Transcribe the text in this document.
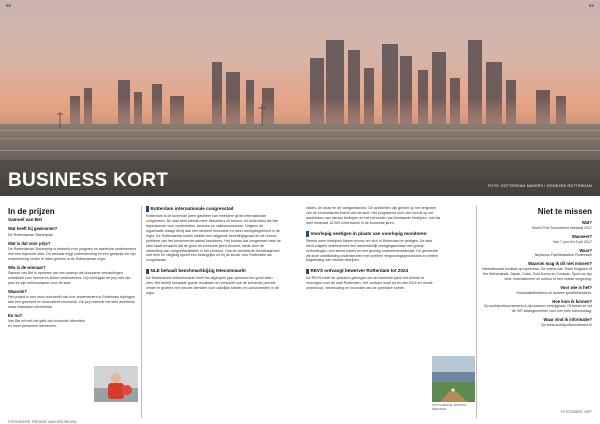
BUSINESS KORT	FOTO: ROTTERDAM MAKERS / GEWEZEN ROTTERDAM
60	61
In de prijzen
Samuel van Bel
Wat heeft hij gewonnen?

De Rotterdamse Starterprijs.

Wat is dat voor prijs?

De Rotterdamse Starterprijs is bedoeld voor jongeren en startende ondernemers met een bijzonder idee. De winnaar krijgt ondersteuning en een geldprijs om zijn onderneming verder te laten groeien in de Rotterdamse regio.

Wie is de winnaar?

Samuel van Bel is oprichter van een startup dat duurzame verpakkingen ontwikkelt voor horeca en kleine ondernemers. Hij overtuigde de jury met zijn plan en zijn enthousiasme voor de stad.

Waarom?

Het project is een mooi voorbeeld van hoe ondernemers in Rotterdam bijdragen aan een groenere en innovatieve economie. De jury noemde het idee ambitieus maar realistisch uitvoerbaar.

En nu?

Van Bel wil met het geld zijn productie uitbreiden en meer personeel aannemen.

FOTOGRAFIE: FREDDIE VAN DEN HEUVEL
Rotterdam internationale congresstad

Rotterdam is de komende jaren gastheer van meerdere grote internationale congressen. De stad trekt steeds meer bezoekers uit binnen- en buitenland die hier bijeenkomen voor conferenties, beurzen en vakevenementen. Volgens de organisatie draagt dit bij aan een sterkere economie en meer werkgelegenheid in de regio. De Rotterdamse hotels melden een stijgende bezettingsgraad en de horeca profiteert van het toenemende aantal bezoekers. Het bureau dat congressen naar de stad haalt verwacht dat de groei de komende jaren doorzet, mede door de uitbreiding van congresfaciliteiten in het centrum. Ook de verbeterde bereikbaarheid met trein en vliegtuig speelt een belangrijke rol bij de keuze voor Rotterdam als congresstad.

NLE behaalt benchmarkbijzig telecommarkt

De Nederlandse telecommarkt heeft het afgelopen jaar opnieuw een groei laten zien. Het bedrijf behaalde goede resultaten en verwacht ook de komende periode verder te groeien met nieuwe diensten voor zakelijke klanten en consumenten in de regio.

zaken, de bouw en de vastgoedsector. De activiteiten zijn gericht op het vergroten van de economische kracht van de stad. Het programma richt zich vooral op het aantrekken van nieuwe bedrijven en het behouden van bestaande bedrijven, met als doel minimaal 15.000 extra banen in de komende jaren.

Voorlopig vestigen in plaats van voorlopig monitoren

Steeds meer bedrijven kiezen ervoor om zich in Rotterdam te vestigen. De stad biedt volgens ondernemers een aantrekkelijk vestigingsklimaat met goede verbindingen, een sterke haven en een gunstig ondernemersklimaat. De gemeente wil deze ontwikkeling ondersteunen met snellere vergunningsprocedures en betere begeleiding van nieuwe bedrijven.

REVS ontvangt bewerver Rotterdam tot 2024

De REVS heeft de opdracht gekregen om de komende jaren het beheer te verzorgen voor de stad Rotterdam. Het contract loopt tot en met 2024 en omvat onderhoud, vernieuwing en innovatie van de openbare ruimte.

FOTOGRAFIE: PATRICK MEINSEN
Niet te missen
Wat?
World Port Tournament Honkbal 2017
Wanneer?
Van 7 juni t/m 9 juli 2017
Waar?
Neptunus Familiestadion Rotterdam
Waarom mag ik dit niet missen?
Internationaal honkbal op topniveau. De teams van Team Kingdom of the Netherlands, Japan, Cuba, Zuid-Korea en Curaçao. Sport op zijn best, entertainment en cultuur in een unieke omgeving.
Voor wie is het?
Honkballiefhebbers en andere sportliefhebbers.
Hoe kom ik binnen?
Op worldporttournament.nl zijn kaarten verkrijgbaar. Of bestel ze via de VIP-arrangementen voor een hele toernooidag.
Waar vind ik informatie?
Op www.worldporttournament.nl
FOTOGRAFIE: WPT
